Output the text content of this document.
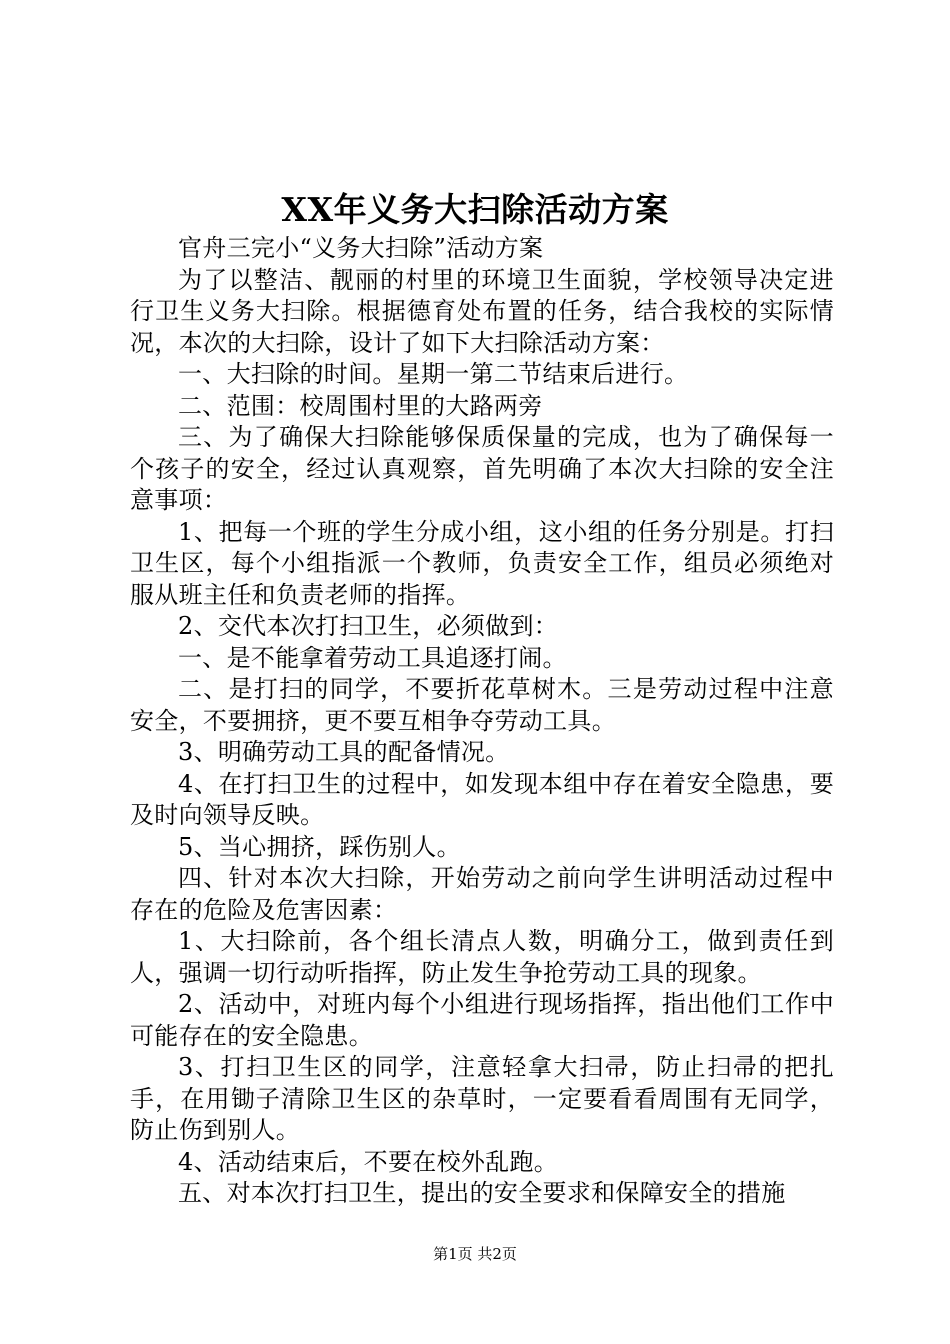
XX年义务大扫除活动方案

官舟三完小“义务大扫除”活动方案

为了以整洁、靓丽的村里的环境卫生面貌，学校领导决定进行卫生义务大扫除。根据德育处布置的任务，结合我校的实际情况，本次的大扫除，设计了如下大扫除活动方案：

一、大扫除的时间。星期一第二节结束后进行。

二、范围：校周围村里的大路两旁

三、为了确保大扫除能够保质保量的完成，也为了确保每一个孩子的安全，经过认真观察，首先明确了本次大扫除的安全注意事项：

1、把每一个班的学生分成小组，这小组的任务分别是。打扫卫生区，每个小组指派一个教师，负责安全工作，组员必须绝对服从班主任和负责老师的指挥。

2、交代本次打扫卫生，必须做到：

一、是不能拿着劳动工具追逐打闹。

二、是打扫的同学，不要折花草树木。三是劳动过程中注意安全，不要拥挤，更不要互相争夺劳动工具。

3、明确劳动工具的配备情况。

4、在打扫卫生的过程中，如发现本组中存在着安全隐患，要及时向领导反映。

5、当心拥挤，踩伤别人。

四、针对本次大扫除，开始劳动之前向学生讲明活动过程中存在的危险及危害因素：

1、大扫除前，各个组长清点人数，明确分工，做到责任到人，强调一切行动听指挥，防止发生争抢劳动工具的现象。

2、活动中，对班内每个小组进行现场指挥，指出他们工作中可能存在的安全隐患。

3、打扫卫生区的同学，注意轻拿大扫帚，防止扫帚的把扎手，在用锄子清除卫生区的杂草时，一定要看看周围有无同学，防止伤到别人。

4、活动结束后，不要在校外乱跑。

五、对本次打扫卫生，提出的安全要求和保障安全的措施

第1页 共2页
